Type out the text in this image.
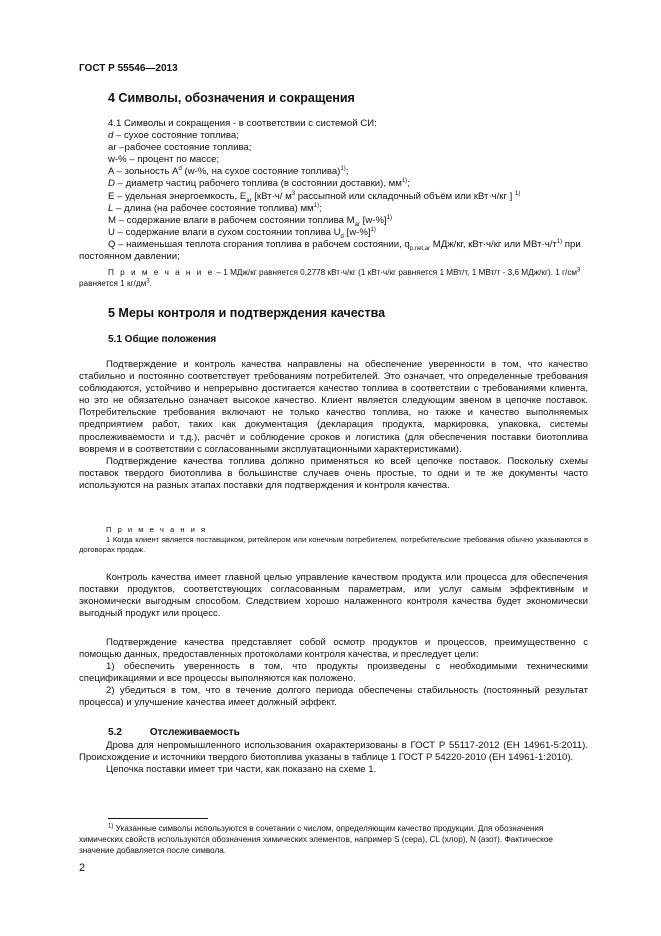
ГОСТ Р 55546—2013
4 Символы, обозначения и сокращения

4.1 Символы и сокращения - в соответствии с системой СИ:

d – сухое состояние топлива;

ar –рабочее состояние топлива;

w-% – процент по массе;

A – зольность $A^d$ (w-%, на сухое состояние топлива)$^{1)}$;

D – диаметр частиц рабочего топлива (в состоянии доставки), $мм^{1)}$;

E – удельная энергоемкость, $E_{ar}$ [кВт·ч/ $м^3$ рассыпной или складочный объём или кВт·ч/кг ] $^{1)}$

L – длина (на рабочее состояние топлива) $мм^{1)}$;

M – содержание влаги в рабочем состоянии топлива $M_{ar}$ $[w-\%]^{1)}$

U – содержание влаги в сухом состоянии топлива $U_d$ $[w-\%]^{1)}$

Q – наименьшая теплота сгорания топлива в рабочем состоянии, $q_{p,net,ar}$ МДж/кг, кВт·ч/кг или $МВт\cdot ч/т^{1)}$ при постоянном давлении;

П р и м е ч а н и е – 1 МДж/кг равняется 0,2778 кВт·ч/кг (1 кВт·ч/кг равняется 1 МВт/т, 1 МВт/т - 3,6 МДж/кг). 1 $г/см^3$ равняется 1 $кг/дм^3$.

5 Меры контроля и подтверждения качества
5.1 Общие положения

Подтверждение и контроль качества направлены на обеспечение уверенности в том, что качество стабильно и постоянно соответствует требованиям потребителей. Это означает, что определенные требования соблюдаются, устойчиво и непрерывно достигается качество топлива в соответствии с требованиями клиента, но это не обязательно означает высокое качество. Клиент является следующим звеном в цепочке поставок. Потребительские требования включают не только качество топлива, но также и качество выполняемых предприятием работ, таких как документация (декларация продукта, маркировка, упаковка, системы прослеживаемости и т.д.), расчёт и соблюдение сроков и логистика (для обеспечения поставки биотоплива вовремя и в соответствии с согласованными эксплуатационными характеристиками).

Подтверждение качества топлива должно применяться ко всей цепочке поставок. Поскольку схемы поставок твердого биотоплива в большинстве случаев очень простые, то одни и те же документы часто используются на разных этапах поставки для подтверждения и контроля качества.

П р и м е ч а н и я

1 Когда клиент является поставщиком, ритейлером или конечным потребителем, потребительские требования обычно указываются в договорах продаж.

Контроль качества имеет главной целью управление качеством продукта или процесса для обеспечения поставки продуктов, соответствующих согласованным параметрам, или услуг самым эффективным и экономически выгодным способом. Следствием хорошо налаженного контроля качества будет экономически выгодный продукт или процесс.

Подтверждение качества представляет собой осмотр продуктов и процессов, преимущественно с помощью данных, предоставленных протоколами контроля качества, и преследует цели:

1) обеспечить уверенность в том, что продукты произведены с необходимыми техническими спецификациями и все процессы выполняются как положено.

2) убедиться в том, что в течение долгого периода обеспечены стабильность (постоянный результат процесса) и улучшение качества имеет должный эффект.

5.2	Отслеживаемость

Дрова для непромышленного использования охарактеризованы в ГОСТ Р 55117-2012 (ЕН 14961-5:2011). Происхождение и источники твердого биотоплива указаны в таблице 1 ГОСТ Р 54220-2010 (ЕН 14961-1:2010).

Цепочка поставки имеет три части, как показано на схеме 1.

$^{1)}$ Указанные символы используются в сочетании с числом, определяющим качество продукции. Для обозначения химических свойств используются обозначения химических элементов, например S (сера), CL (хлор), N (азот). Фактическое значение добавляется после символа.

2
